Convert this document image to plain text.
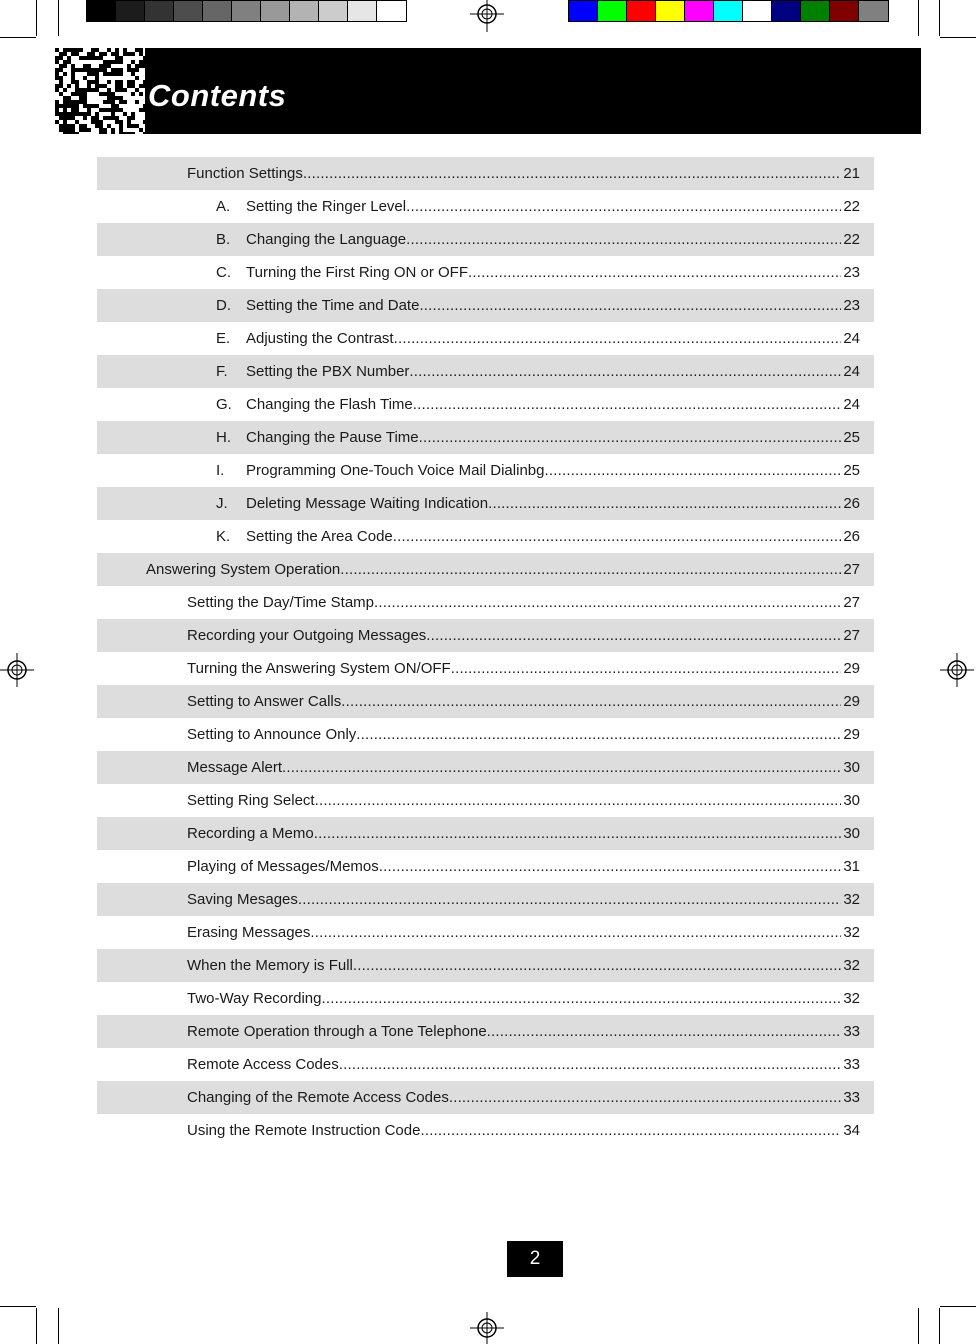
Contents
Function Settings .....	21
A.	Setting the Ringer Level .....	22
B.	Changing the Language .....	22
C.	Turning the First Ring ON or OFF .....	23
D.	Setting the Time and Date .....	23
E.	Adjusting the Contrast .....	24
F.	Setting the PBX Number .....	24
G. Changing the Flash Time .....	24
H.	Changing the Pause Time .....	25
I.	Programming One-Touch Voice Mail Dialinbg .....	25
J.	Deleting Message Waiting Indication .....	26
K.	Setting the Area Code .....	26
Answering System Operation .....	27
Setting the Day/Time Stamp .....	27
Recording your Outgoing Messages .....	27
Turning the Answering System ON/OFF .....	29
Setting to Answer Calls .....	29
Setting to Announce Only .....	29
Message Alert .....	30
Setting Ring Select .....	30
Recording a Memo .....	30
Playing of Messages/Memos .....	31
Saving Mesages .....	32
Erasing Messages .....	32
When the Memory is Full .....	32
Two-Way Recording .....	32
Remote Operation through a Tone Telephone .....	33
Remote Access Codes .....	33
Changing of the Remote Access Codes .....	33
Using the Remote Instruction Code .....	34
2
